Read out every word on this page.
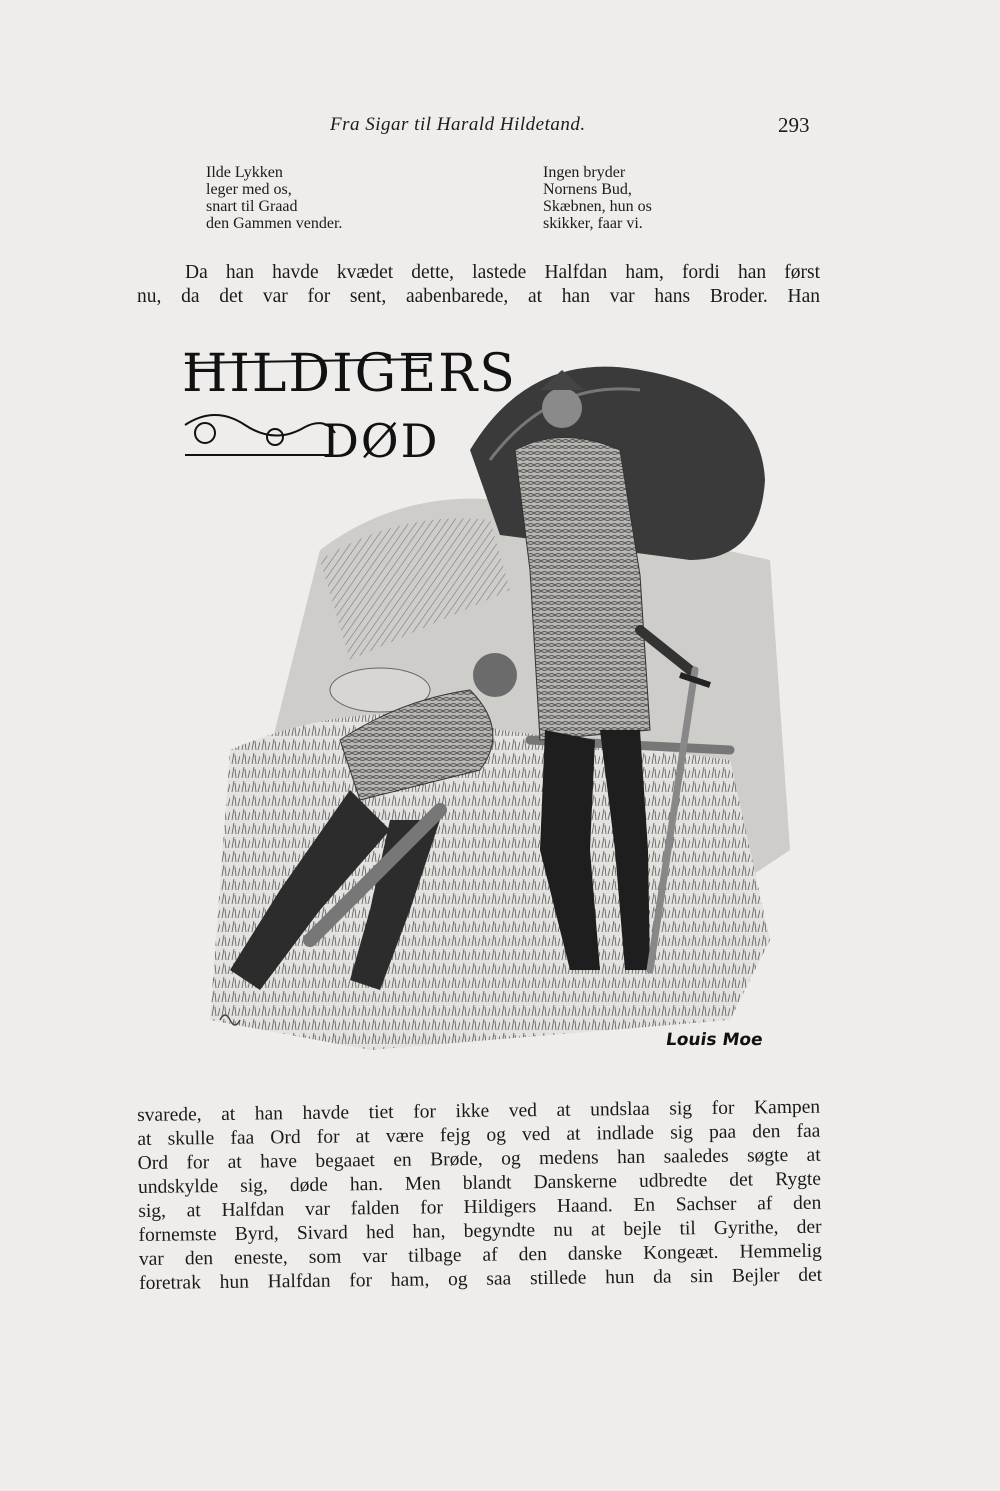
Fra Sigar til Harald Hildetand.	293
Ilde Lykken
leger med os,
snart til Graad
den Gammen vender.
Ingen bryder
Nornens Bud,
Skæbnen, hun os
skikker, faar vi.
Da han havde kvædet dette, lastede Halfdan ham, fordi han først
nu, da det var for sent, aabenbarede, at han var hans Broder. Han
HILDIGERS
DØD
Louis Moe
svarede, at han havde tiet for ikke ved at undslaa sig for Kampen
at skulle faa Ord for at være fejg og ved at indlade sig paa den faa
Ord for at have begaaet en Brøde, og medens han saaledes søgte at
undskylde sig, døde han. Men blandt Danskerne udbredte det Rygte
sig, at Halfdan var falden for Hildigers Haand. En Sachser af den
fornemste Byrd, Sivard hed han, begyndte nu at bejle til Gyrithe, der
var den eneste, som var tilbage af den danske Kongeæt. Hemmelig
foretrak hun Halfdan for ham, og saa stillede hun da sin Bejler det
